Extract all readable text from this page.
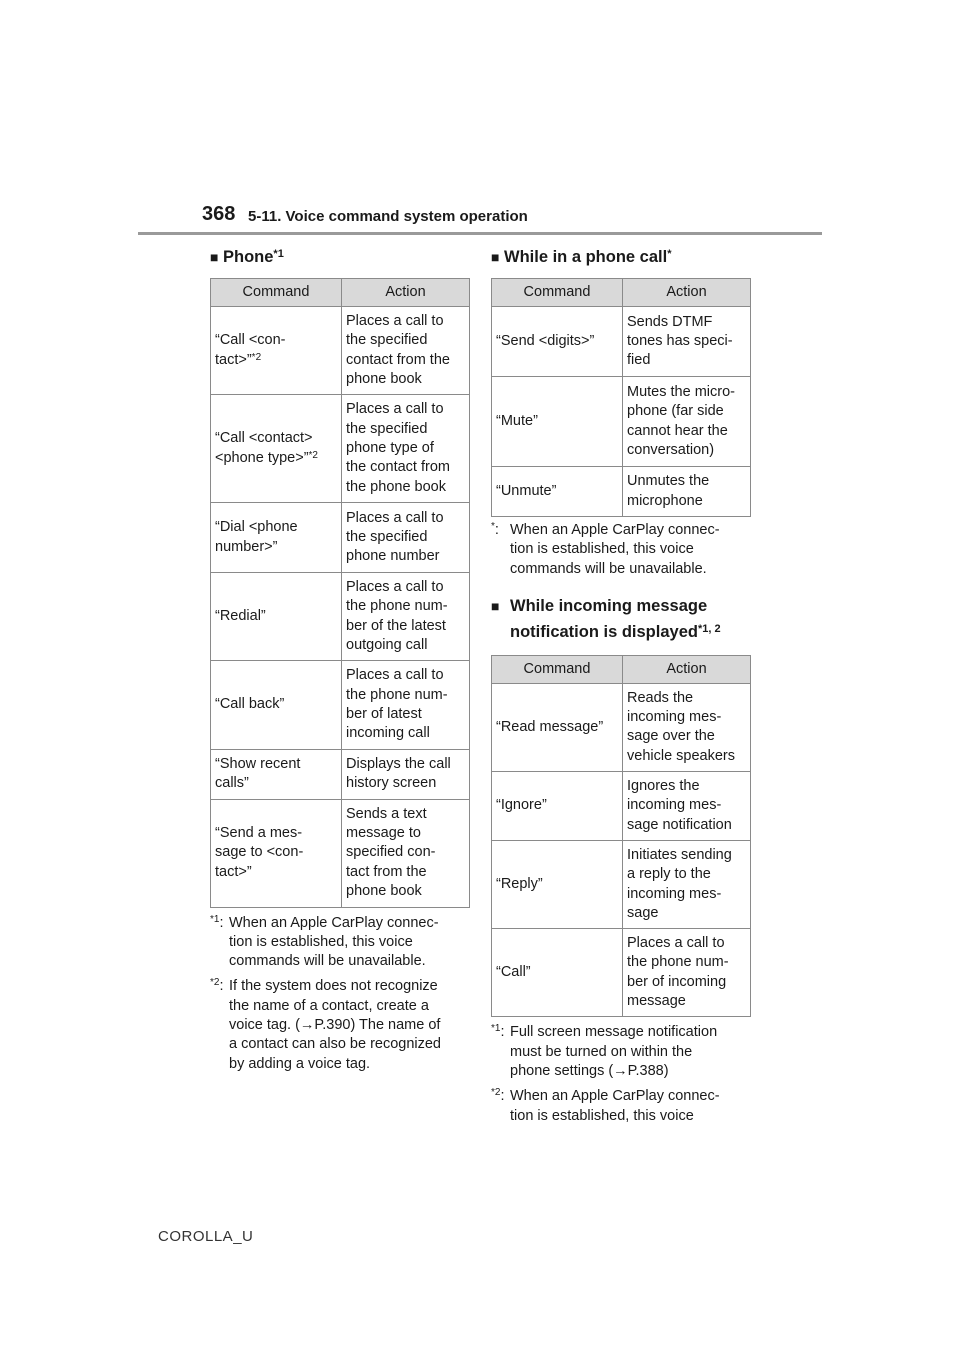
368 5-11. Voice command system operation
■ Phone$^{*1}$
Command	Action
“Call <con-
tact>”$^{*2}$	Places a call to
the specified
contact from the
phone book
“Call <contact>
<phone type>”$^{*2}$	Places a call to
the specified
phone type of
the contact from
the phone book
“Dial <phone
number>”	Places a call to
the specified
phone number
“Redial”	Places a call to
the phone num-
ber of the latest
outgoing call
“Call back”	Places a call to
the phone num-
ber of latest
incoming call
“Show recent
calls”	Displays the call
history screen
“Send a mes-
sage to <con-
tact>”	Sends a text
message to
specified con-
tact from the
phone book
$^{*1}$: When an Apple CarPlay connec-
tion is established, this voice
commands will be unavailable.
$^{*2}$: If the system does not recognize
the name of a contact, create a
voice tag. (→P.390) The name of
a contact can also be recognized
by adding a voice tag.
■ While in a phone call*
Command	Action
“Send <digits>”	Sends DTMF
tones has speci-
fied
“Mute”	Mutes the micro-
phone (far side
cannot hear the
conversation)
“Unmute”	Unmutes the
microphone
*: When an Apple CarPlay connec-
tion is established, this voice
commands will be unavailable.
■ While incoming message
notification is displayed$^{*1, 2}$
Command	Action
“Read message”	Reads the
incoming mes-
sage over the
vehicle speakers
“Ignore”	Ignores the
incoming mes-
sage notification
“Reply”	Initiates sending
a reply to the
incoming mes-
sage
“Call”	Places a call to
the phone num-
ber of incoming
message
$^{*1}$: Full screen message notification
must be turned on within the
phone settings (→P.388)
$^{*2}$: When an Apple CarPlay connec-
tion is established, this voice
COROLLA_U
